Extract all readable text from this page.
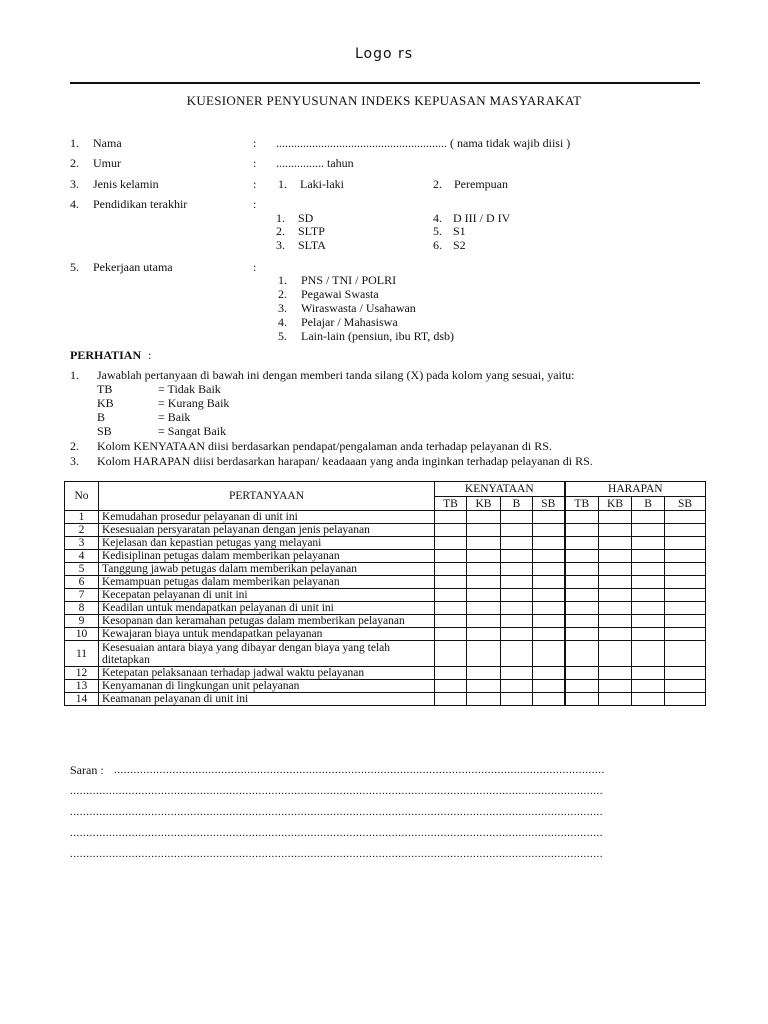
Logo rs
KUESIONER PENYUSUNAN INDEKS KEPUASAN MASYARAKAT
1. Nama	: ......................................................... ( nama tidak wajib diisi )
2. Umur	: ................ tahun
3. Jenis kelamin	: 1. Laki-laki	2. Perempuan
4. Pendidikan terakhir	:
1. SD
2. SLTP
3. SLTA
4. D III / D IV
5. S1
6. S2
5. Pekerjaan utama	:
1. PNS / TNI / POLRI
2. Pegawai Swasta
3. Wiraswasta / Usahawan
4. Pelajar / Mahasiswa
5. Lain-lain (pensiun, ibu RT, dsb)
PERHATIAN :
1. Jawablah pertanyaan di bawah ini dengan memberi tanda silang (X) pada kolom yang sesuai, yaitu:
TB	= Tidak Baik
KB	= Kurang Baik
B	= Baik
SB	= Sangat Baik
2. Kolom KENYATAAN diisi berdasarkan pendapat/pengalaman anda terhadap pelayanan di RS.
3. Kolom HARAPAN diisi berdasarkan harapan/ keadaaan yang anda inginkan terhadap pelayanan di RS.
No	PERTANYAAN	KENYATAAN				HARAPAN			
		TB	KB	B	SB	TB	KB	B	SB
1	Kemudahan prosedur pelayanan di unit ini								
2	Kesesuaian persyaratan pelayanan dengan jenis pelayanan								
3	Kejelasan dan kepastian petugas yang melayani								
4	Kedisiplinan petugas dalam memberikan pelayanan								
5	Tanggung jawab petugas dalam memberikan pelayanan								
6	Kemampuan petugas dalam memberikan pelayanan								
7	Kecepatan pelayanan di unit ini								
8	Keadilan untuk mendapatkan pelayanan di unit ini								
9	Kesopanan dan keramahan petugas dalam memberikan pelayanan								
10	Kewajaran biaya untuk mendapatkan pelayanan								
11	Kesesuaian antara biaya yang dibayar dengan biaya yang telah ditetapkan								
12	Ketepatan pelaksanaan terhadap jadwal waktu pelayanan								
13	Kenyamanan di lingkungan unit pelayanan								
14	Keamanan pelayanan di unit ini								
Saran : .......................................................................................................................................................
....................................................................................................................................................................
....................................................................................................................................................................
....................................................................................................................................................................
....................................................................................................................................................................
